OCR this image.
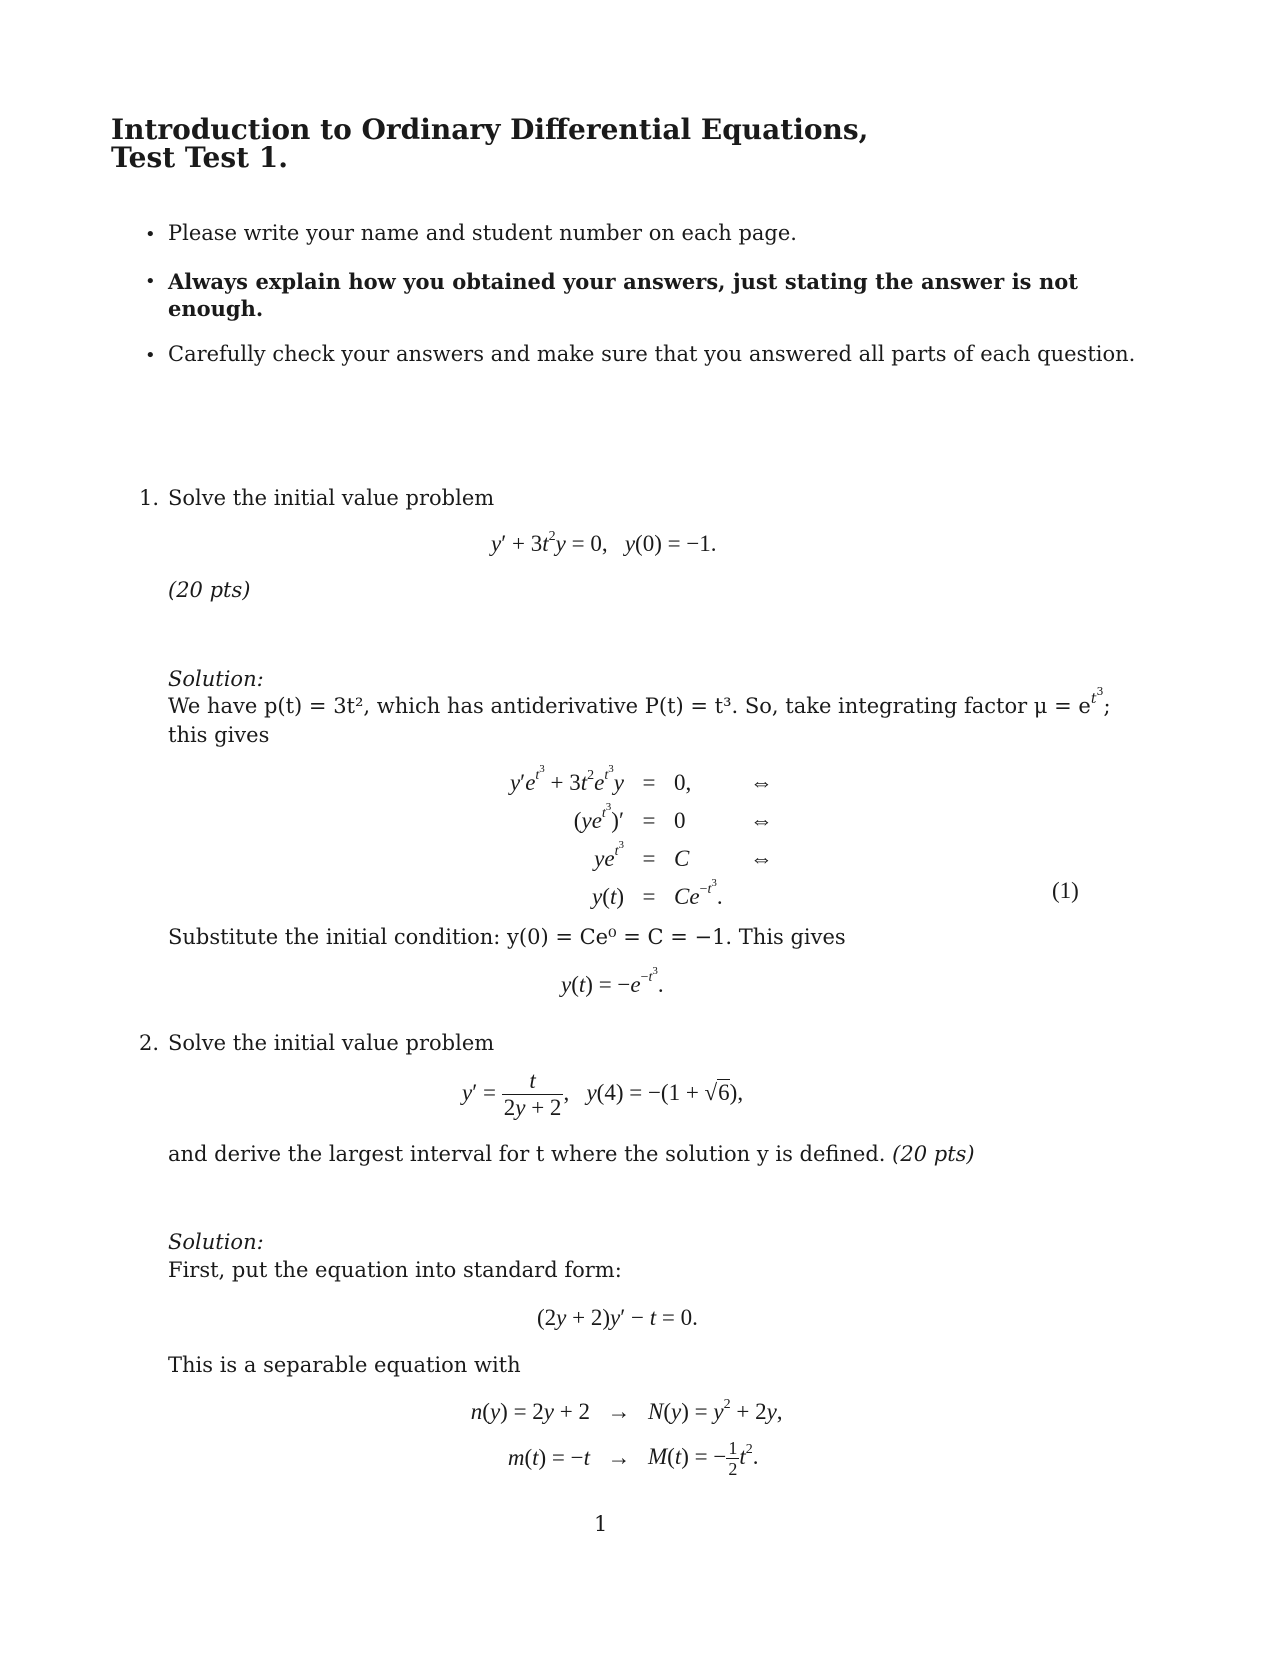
Introduction to Ordinary Differential Equations,
Test Test 1.
• Please write your name and student number on each page.
• Always explain how you obtained your answers, just stating the answer is not enough.
• Carefully check your answers and make sure that you answered all parts of each question.
1. Solve the initial value problem
$y' + 3t^2y = 0$,   y(0) = −1.
(20 pts)
Solution:
We have p(t) = 3t², which has antiderivative P(t) = t³. So, take integrating factor $\mu = e^{t^3}$;
this gives
$y'e^{t^3} + 3t^2e^{t^3}y$	=	0,	⇔
$(ye^{t^3})'$	=	0	⇔
$ye^{t^3}$	=	C	⇔
y(t)	=	$Ce^{-t^3}$.		(1)
Substitute the initial condition: y(0) = Ce⁰ = C = −1. This gives
$y(t) = -e^{-t^3}$.
2. Solve the initial value problem
$y' = \frac{t}{2y + 2}$ ,   y(4) = −(1 + √6),
and derive the largest interval for t where the solution y is defined. (20 pts)
Solution:
First, put the equation into standard form:
(2y + 2)y′ − t = 0.
This is a separable equation with
n(y) = 2y + 2	→	$N(y) = y^2 + 2y$,
m(t) = −t	→	M(t) = − $\frac{1}{2} t^2$.
1
